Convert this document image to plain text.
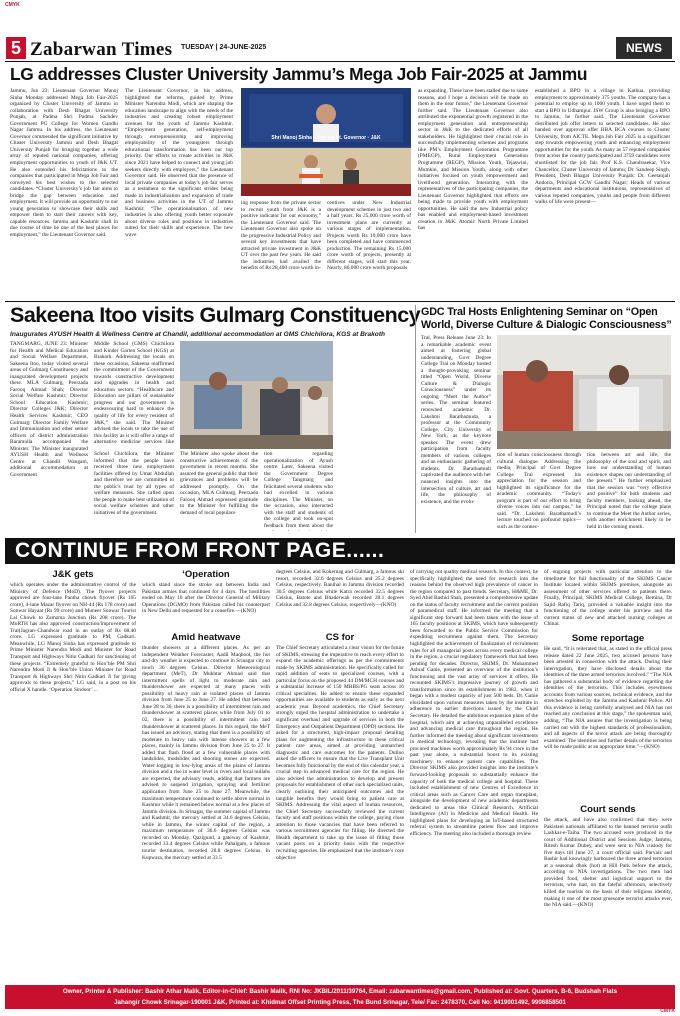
CMYK
5 Zabarwan Times TUESDAY | 24-JUNE-2025	NEWS
LG addresses Cluster University Jammu’s Mega Job Fair-2025 at Jammu
Jammu, Jun 23: Lieutenant Governor Manoj Sinha Monday addressed Mega Job Fair-2025 organized by Cluster University of Jammu in collaboration with Desh Bhagat University Punjab, at Padma Shri Padma Sachdev Government PG College for Women Gandhi Nagar Jammu. In his address, the Lieutenant Governor commended the significant initiative by Cluster University Jammu and Desh Bhagat University Punjab for bringing together a wide array of reputed national companies, offering employment opportunities to youth of J&K UT. He also extended his felicitations to the companies that participated in Mega Job Fair and conveyed his best wishes to the selected candidates. “Cluster University’s job fair aims to bridge the gap between education and employment. It will provide an opportunity to our young generation to showcase their skills and empower them to start their careers with key, capable resources. Jammu and Kashmir shall in due course of time be one of the best places for employment,” the Lieutenant Governor said.
The Lieutenant Governor, in his address, highlighted the reforms, guided by Prime Minister Narendra Modi, which are shaping the education landscape to align with the needs of the industries and creating robust employment avenues for the youth of Jammu Kashmir. “Employment generation, self-employment through entrepreneurship and improving employability of the youngsters through educational transformation has been our top priority. Our efforts to create activities in J&K since 2021 have helped to connect and young job seekers directly with employers,” the Lieutenant Governor said. He observed that the presence of local private companies at today's job fair serves as a testament to the significant strides being made in industrialization and expansion of trade and business activities in the UT of Jammu Kashmir. “The operationalisation of new industries is also offering youth better exposure about diverse roles and positions in industries suited for their skills and experience. The new wave
Shri Manoj Sinha · Hon’ble Lt. Governor · J&K
ing response from the private sector to recruit youth from J&K is a positive indicator for our economy,” the Lieutenant Governor said. The Lieutenant Governor also spoke on the progressive Industrial Policy and several key investments that have attracted private investment in J&K UT over the past few years. He said the industries had availed the benefits of Rs 28,400 crore worth in-
centives under New Industrial development schemes in just two and a half years. Rs 25,000 crore worth of investment plans are currently at various stages of implementation. Projects worth Rs 10,000 crore have been completed and have commenced production. The remaining Rs 15,000 crore worth of projects, presently at different stages, will start this year. Nearly, 86,000 crore worth proposals
as expanding. These have been stalled due to some reasons, and I hope a decision will be made on them in the near future,” the Lieutenant Governor further said. The Lieutenant Governor also attributed the exponential growth registered in the employment generation and entrepreneurship sector in J&K to the dedicated efforts of all stakeholders. He highlighted their crucial role in successfully implementing schemes and programs like PM’s Employment Generation Programme (PMEGP), Rural Employment Generation Programme (REGP), Mission Youth, Tejaswini, Mumkin, and Mission Youth, along with other initiatives focused on youth empowerment and livelihood generation. Interacting with the representatives of the participating companies, the Lieutenant Governor highlighted that efforts are being made to provide youth with employment opportunities. He said the new Industrial policy has enabled and employment-based investment creation in J&K. Atomic North Private Limited has
established a BPO in a village in Kathua, providing employment to approximately 375 youths. The company has a potential to employ up to 1000 youth. I have urged them to start a BPO in Udhampur. JSW Group is also bringing a BPO to Jammu, he further said. The Lieutenant Governor distributed job offer letters to selected candidates. He also handed over approval offer BBA BCA courses to Cluster University, from AICTE. Mega Job Fair 2025 is a significant step towards empowering youth and enhancing employment opportunities for the youth. As many as 57 reputed companies from across the country participated and 3759 candidates were shortlisted for the job fair. Prof K.S. Chandrasekar, Vice Chancellor, Cluster University of Jammu; Dr. Sandeep Singh, President, Desh Bhagat University Punjab; Dr. Geetanjali Andotra, Principal GCW Gandhi Nagar; Heads of various departments and educational institutions, representatives of various reputed companies, youths and people from different walks of life were present—
Sakeena Itoo visits Gulmarg Constituency
Inaugurates AYUSH Health & Wellness Centre at Chandil, additional accommodation at GMS Chichilora, KGS at Brakoth
TANGMARG, JUNE 23: Minister for Health and Medical Education and Social Welfare Department, Sakeena Itoo, today visited several areas of Gulmarg Constituency and inaugurated development projects there. MLA Gulmarg, Peerzada Farooq Ahmad Shah; Director Social Welfare Kashmir; Director School Education Kashmir; Director Colleges J&K; Director Health Services Kashmir; CEO Gulmarg; Director Family Welfare and Immunization and other senior officers of district administration Baramulla accompanied the Minister. The Minister inaugurated AYUSH Health and Wellness Centre at Chandil Wangam, additional accommodation at Government
Middle School (GMS) Chichilora and Kinder Garten School (KGS) at Brakoth. Addressing the locals on these occasions, Sakeena reaffirmed the commitment of the Government towards constructive development and upgrades in health and education sectors. “Healthcare and Education are pillars of sustainable progress and our government is endeavouring hard to enhance the quality of life for every resident of J&K,” she said. The Minister advised the locals to take the use of this facility as it will offer a range of alternative medicine services like
School Chichilora, the Minister informed that the people have received three new employment facilities offered by Umar Abdullah and therefore we are committed to the public's trust by all types of welfare measures. She called upon the people to make best utilization of social welfare schemes and other initiatives of the government.
The Minister also spoke about the constructive achievements of the government in recent months. She assured the general public that their grievances and problems will be addressed promptly. On the occasion, MLA Gulmarg, Peerzada Farooq Ahmad expressed gratitude to the Minister for fulfilling the demand of local populace
tion regarding operationalization of Ayush centre. Later, Sakeena visited the Government Degree College Tangmarg and felicitated several students who had excelled in various disciplines. The Minister, on the occasion, also interacted with the staff and students of the college and took on-spot feedback from them about the
GDC Tral Hosts Enlightening Seminar on “Open World, Diverse Culture & Dialogic Consciousness”
Tral, Press Release June 23: In a remarkable academic event aimed at fostering global understanding, Govt Degree College Tral on Monday hosted a thought-provoking seminar titled “Open World, Diverse Culture & Dialogic Consciousness” under its ongoing “Meet the Author” series. The seminar featured renowned academic Dr. Lakshmi Barathamuda, a professor at the Community College, City University of New York, as the keynote speaker. The event drew participation from faculty members of various colleges and an enthusiastic gathering of students. Dr. Barathamudi captivated the audience with her nuanced insights into the intersection of culture, art and life, the philosophy of existence, and the evolu-
tion of human consciousness through cultural dialogue. Addressing the media, Principal of Govt Degree College Tral expressed his appreciation for the session and highlighted its significance for the academic community. “Today's program is part of our effort to bring diverse voices into our campus,” he said. “Dr. Lakshmi Barathamudi’s lecture touched on profound topics—such as the connec-
tion between art and life, the philosophy of the soul and spirit, and how our understanding of human existence shapes our understanding of the present.” He further emphasized that the session was “very effective and positive” for both students and faculty members, looking ahead, the Principal noted that the college plans to continue the Meet the Author series, with another enrichment likely to be held in the coming month.
CONTINUE FROM FRONT PAGE......
J&K gets
which operates under the administrative control of the Ministry of Defence (MoD). The flyover projects approved are four-lane Pantha chowk flyover (Rs 105 crore), 4-lane Mazar flyover on NH-44 (Rs 178 crore) and Sonwar Hayaat (Rs 99 crore) and Muneer Sonwar Tourist Lal Chowk to Zamzma Junction (Rs 208 crore). The MoRTH has also approved construction/improvement of Tral(Jagran–Chandwar road in an outlay of Rs 68.40 crore. LG expressed gratitude to PM, Gadkari. Meanwhile, LG Manoj Sinha has expressed gratitude to Prime Minister Narendra Modi and Minister for Road Transport and Highways Nitin Gadkari for sanctioning of these projects. “Extremely grateful to Hon’ble PM Shri Narendra Modi Ji & Hon’ble Union Minister for Road Transport & Highways Shri Nitin Gadkari Ji for giving approvals to these projects,” LG said, in a post on his official X handle. ‘Operation Sindoor’ ...
‘Operation
which stand since the stroke out between India and Pakistan armies that continued for 4 days. The hostilities ended on May 10 after the Director General of Military Operations (DGMO) from Pakistan called his counterpart in New Delhi and requested for a ceasefire.—(KNO)
Amid heatwave
thunder showers at a different places. As per an independent Weather Forecaster, Aadil Maqbool, the hot and dry weather is expected to continue in Srinagar city to touch 36 degrees Celsius. Director Meteorological department (MeT), Dr Mukhtar Ahmad said that intermittent spells of light to moderate rain and thundershower are expected at many places with possibility of heavy rain at isolated places of Jammu division from June 25 to June 27. He added that between June 28 to 30, there is a possibility of intermittent rain and thundershower at scattered places while from July 01 to 02, there is a possibility of intermittent rain and thundershower at scattered places. In this regard, the MeT has issued an advisory, stating that there is a possibility of moderate to heavy rain with intense showers at a few places, mainly in Jammu division from June 25 to 27. It added that flash flood at a few vulnerable places with landslides, mudslides and shooting stones are expected. Water logging in low-lying areas of the plains of Jammu division and a rise in water level in rivers and local nullahs are expected, the advisory reads, adding that farmers are advised to suspend irrigation, spraying and fertilizer application from June 25 to June 27. Meanwhile, the maximum temperature continued to settle above normal in Kashmir while it remained below normal at a few places of Jammu division. In Srinagar, the summer capital of Jammu and Kashmir, the mercury settled at 34.6 degrees Celsius, while in Jammu, the winter capital of the region, a maximum temperature of 36.6 degrees Celsius was recorded on Monday. Qazigund, a gateway of Kashmir, recorded 33.4 degrees Celsius while Pahalgam, a famous tourist destination, recorded 28.8 degrees Celsius. In Kupwara, the mercury settled at 33.5
degrees Celsius, and Kokernag and Gulmarg, a famous ski resort, recorded 32.6 degrees Celsius and 25.2 degrees Celsius, respectively. Banihal in Jammu division recorded 30.5 degrees Celsius while Katra recorded 32.5 degrees Celsius, Batote and Bhaderwah recorded 28.1 degrees Celsius and 32.8 degrees Celsius, respectively—(KNO)
CS for
The Chief Secretary articulated a clear vision for the future of SKIMS, stressing the imperative to reach every effort to expand the academic offerings as per the commitments made by SKIMS administration. He specifically called for rapid addition of seats to specialized courses, with a particular focus on the proposed 44 DM/MCH courses and a substantial increase of 150 MBBS/PG seats across 16 critical specialties. He added to ensure these expanded opportunities are available to students as early as the next academic year. Beyond academics, the Chief Secretary strongly urged the hospital administration to undertake a significant overhaul and upgrade of services in both the Emergency and Outpatient Department (OPD) sections. He asked for a structured, high-impact proposal detailing plans for augmenting the infrastructure in these critical patient care areas, aimed at providing unmatched diagnostic and care outcomes for the patients. Dulloo asked the officers to ensure that the Live Transplant Unit becomes fully functional by the end of this calendar year, a crucial step in advanced medical care for the region. He also advised the administration to develop and present proposals for establishment of other such specialized units, clearly outlining their anticipated outcomes and the tangible benefits they would bring to patient care at SKIMS. Addressing the vital aspect of human resources, the Chief Secretary successfully reviewed the current faculty and staff positions within the college, paying close attention to those vacancies that have been referred to various recruitment agencies for filling. He directed the Health department to take up the issue of filling those vacant posts on a priority basis with the respective recruiting agencies. He emphasized that the institute’s core objective
of carrying out quality medical research. In this context, he specifically highlighted the need for research into the reasons behind the observed high prevalence of cancer in the region compared to past trends. Secretary, H&ME, Dr. Syed Abid Rashid Shah, presented a comprehensive update on the status of faculty recruitment and the current position of paramedical staff. He informed the meeting that a significant step forward had been taken with the issue of 165 faculty positions at SKIMS, which have subsequently been forwarded to the Public Service Commission for expediting recruitment against them. The Secretary highlighted the achievement of finalization of recruitment rules for all managerial posts across every medical college in the region, a crucial regulatory framework that had been pending for decades. Director, SKIMS, Dr. Mohammed Ashraf Ganie, presented an overview of the institution’s functioning and the vast array of services it offers. He recounted SKIMS’s impressive journey of growth and transformation since its establishment in 1982, when it began with a modest capacity of just 500 beds. Dr. Ganie elucidated upon various measures taken by the institute in adherence to earlier directions issued by the Chief Secretary. He detailed the ambitious expansion plans of the hospital, which aim at achieving unparalleled excellence and advancing medical care throughout the region. He further informed the meeting about significant investments in medical technology, revealing that the institute had procured machines worth approximately Rs 94 crore in the past year alone, a substantial boost to its existing machinery to enhance patient care capabilities. The Director SKIMS also provided insights into the institute’s forward-looking proposals to substantially enhance the capacity of both the medical college and hospital. These included establishment of new Centres of Excellence in critical areas such as Cancer Care and organ transplant, alongside the development of new academic departments dedicated to areas like Clinical Research, Artificial Intelligence (AI) in Medicine and Medical Health. He highlighted plans for developing an IoT-based structured referral system to streamline patient flow and improve efficiency. The meeting also included a thorough review
of ongoing projects with particular attention to the timeframe for full functionality of the SKIMS Cancer Institute located within SKIMS premises, alongside an assessment of other services offered to patients there. Finally, Principal, SKIMS Medical College, Bemina, Dr Sajid Rafiq Tariq, provided a valuable insight into the functioning of the college under his purview and the current status of new and attached nursing colleges at Chinar.
Some reportage
He said, “It is reiterated that, as stated in the official press release dated 22 June 2025, two accused persons have been arrested in connection with the attack. During their interrogation, they have disclosed details about the identities of the three armed terrorists involved.” “The NIA has gathered a substantial body of evidence regarding the identities of the terrorists. This includes eyewitness accounts from various sources, technical evidence, and the stretches exploited by the Jammu and Kashmir Police. All this evidence is being carefully analysed and NIA has not reached any conclusion at this stage,” the spokesman said, adding, “The NIA assures that the investigation is being carried out with the highest standards of professionalism, and all aspects of the terror attack are being thoroughly examined. The identities and further details of the terrorists will be made public at an appropriate time.”—(KNO)
Court sends
the attack, and have also confirmed that they were Pakistani nationals affiliated to the banned terrorist outfit Lashkar-e-Taiba. The two accused were produced in the court of Additional District and Sessions Judge, Jammu, Ritesh Kumar Dubey, and were sent to NIA custody for five days till June 27, a court official said. Parvaiz and Bashir had knowingly harboured the three armed terrorists at a seasonal dhok (hut) at Hill Park before the attack, according to NIA investigations. The two men had provided food, shelter and logistical support to the terrorists, who had, on the fateful afternoon, selectively killed the tourists on the basis of their religious identity, making it one of the most gruesome terrorist attacks ever, the NIA said.—(KNO)
Owner, Printer & Publisher: Bashir Athar Malik, Editor-in-Chief: Bashir Malik, RNI No: JKBIL/2011/39764, Email: zabarwantimes@gmail.com, Published at: Govt. Quarters, B-6, Budshah Flats
Jahangir Chowk Srinagar-190001 J&K, Printed at: Khidmat Offset Printing Press, The Bund Srinagar, Tele/ Fax: 2478370, Cell No: 9419001492, 9906858501
CMYK
